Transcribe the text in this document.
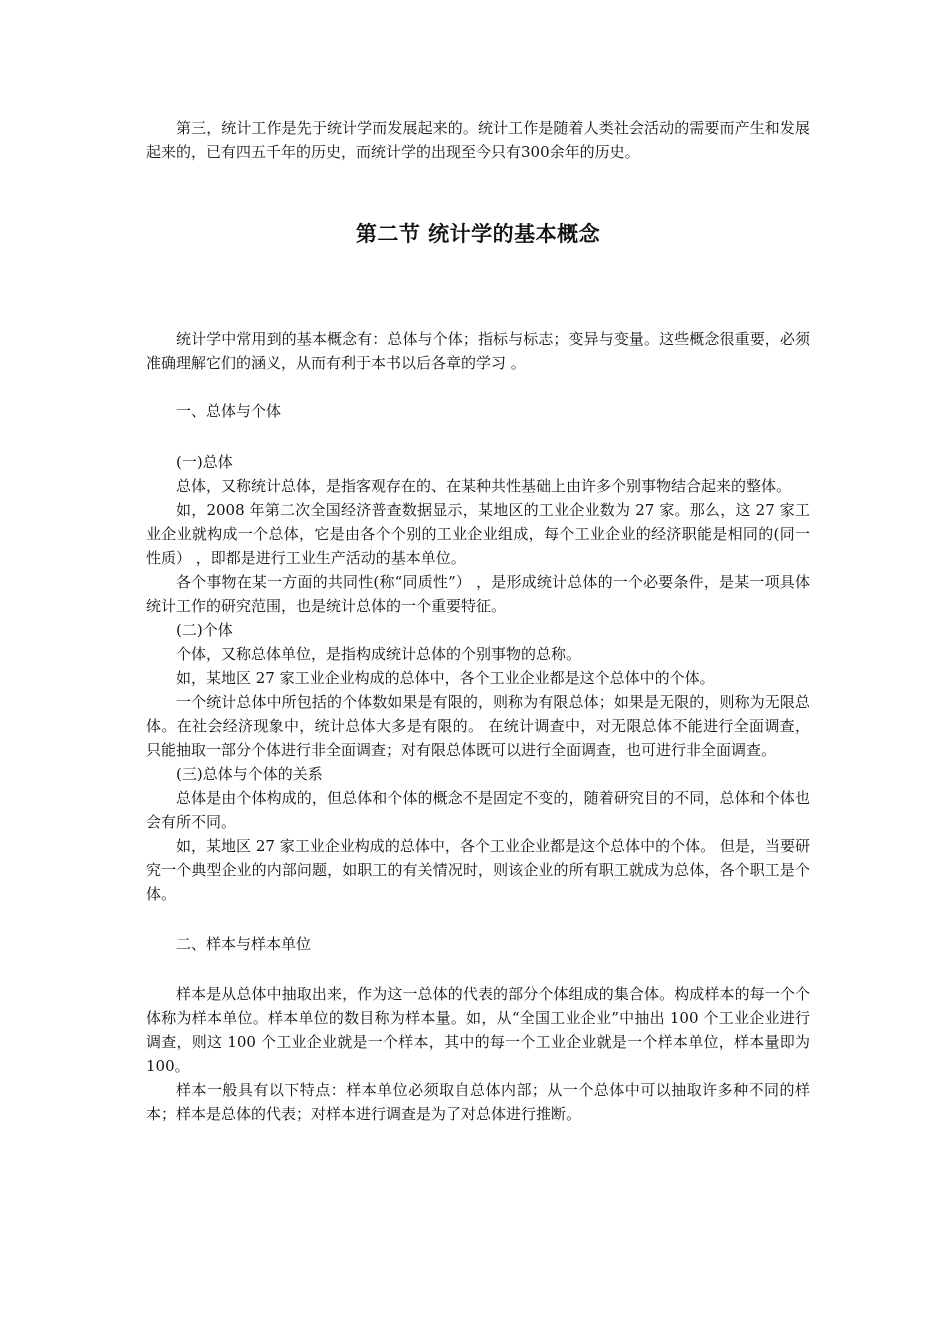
第三，统计工作是先于统计学而发展起来的。统计工作是随着人类社会活动的需要而产生和发展起来的，已有四五千年的历史，而统计学的出现至今只有300余年的历史。

第二节 统计学的基本概念

统计学中常用到的基本概念有：总体与个体；指标与标志；变异与变量。这些概念很重要，必须准确理解它们的涵义，从而有利于本书以后各章的学习 。

一、总体与个体

(一)总体

总体，又称统计总体，是指客观存在的、在某种共性基础上由许多个别事物结合起来的整体。

如，2008 年第二次全国经济普查数据显示，某地区的工业企业数为 27 家。那么，这 27 家工业企业就构成一个总体，它是由各个个别的工业企业组成，每个工业企业的经济职能是相同的(同一性质） ，即都是进行工业生产活动的基本单位。

各个事物在某一方面的共同性(称“同质性”） ，是形成统计总体的一个必要条件，是某一项具体统计工作的研究范围，也是统计总体的一个重要特征。

(二)个体

个体，又称总体单位，是指构成统计总体的个别事物的总称。

如，某地区 27 家工业企业构成的总体中，各个工业企业都是这个总体中的个体。

一个统计总体中所包括的个体数如果是有限的，则称为有限总体；如果是无限的，则称为无限总体。在社会经济现象中，统计总体大多是有限的。 在统计调查中，对无限总体不能进行全面调查，只能抽取一部分个体进行非全面调查；对有限总体既可以进行全面调查，也可进行非全面调查。

(三)总体与个体的关系

总体是由个体构成的，但总体和个体的概念不是固定不变的，随着研究目的不同，总体和个体也会有所不同。

如，某地区 27 家工业企业构成的总体中，各个工业企业都是这个总体中的个体。 但是，当要研究一个典型企业的内部问题，如职工的有关情况时，则该企业的所有职工就成为总体，各个职工是个体。

二、样本与样本单位

样本是从总体中抽取出来，作为这一总体的代表的部分个体组成的集合体。构成样本的每一个个体称为样本单位。样本单位的数目称为样本量。如，从“全国工业企业”中抽出 100 个工业企业进行调查，则这 100 个工业企业就是一个样本，其中的每一个工业企业就是一个样本单位，样本量即为 100。

样本一般具有以下特点：样本单位必须取自总体内部；从一个总体中可以抽取许多种不同的样本；样本是总体的代表；对样本进行调查是为了对总体进行推断。
